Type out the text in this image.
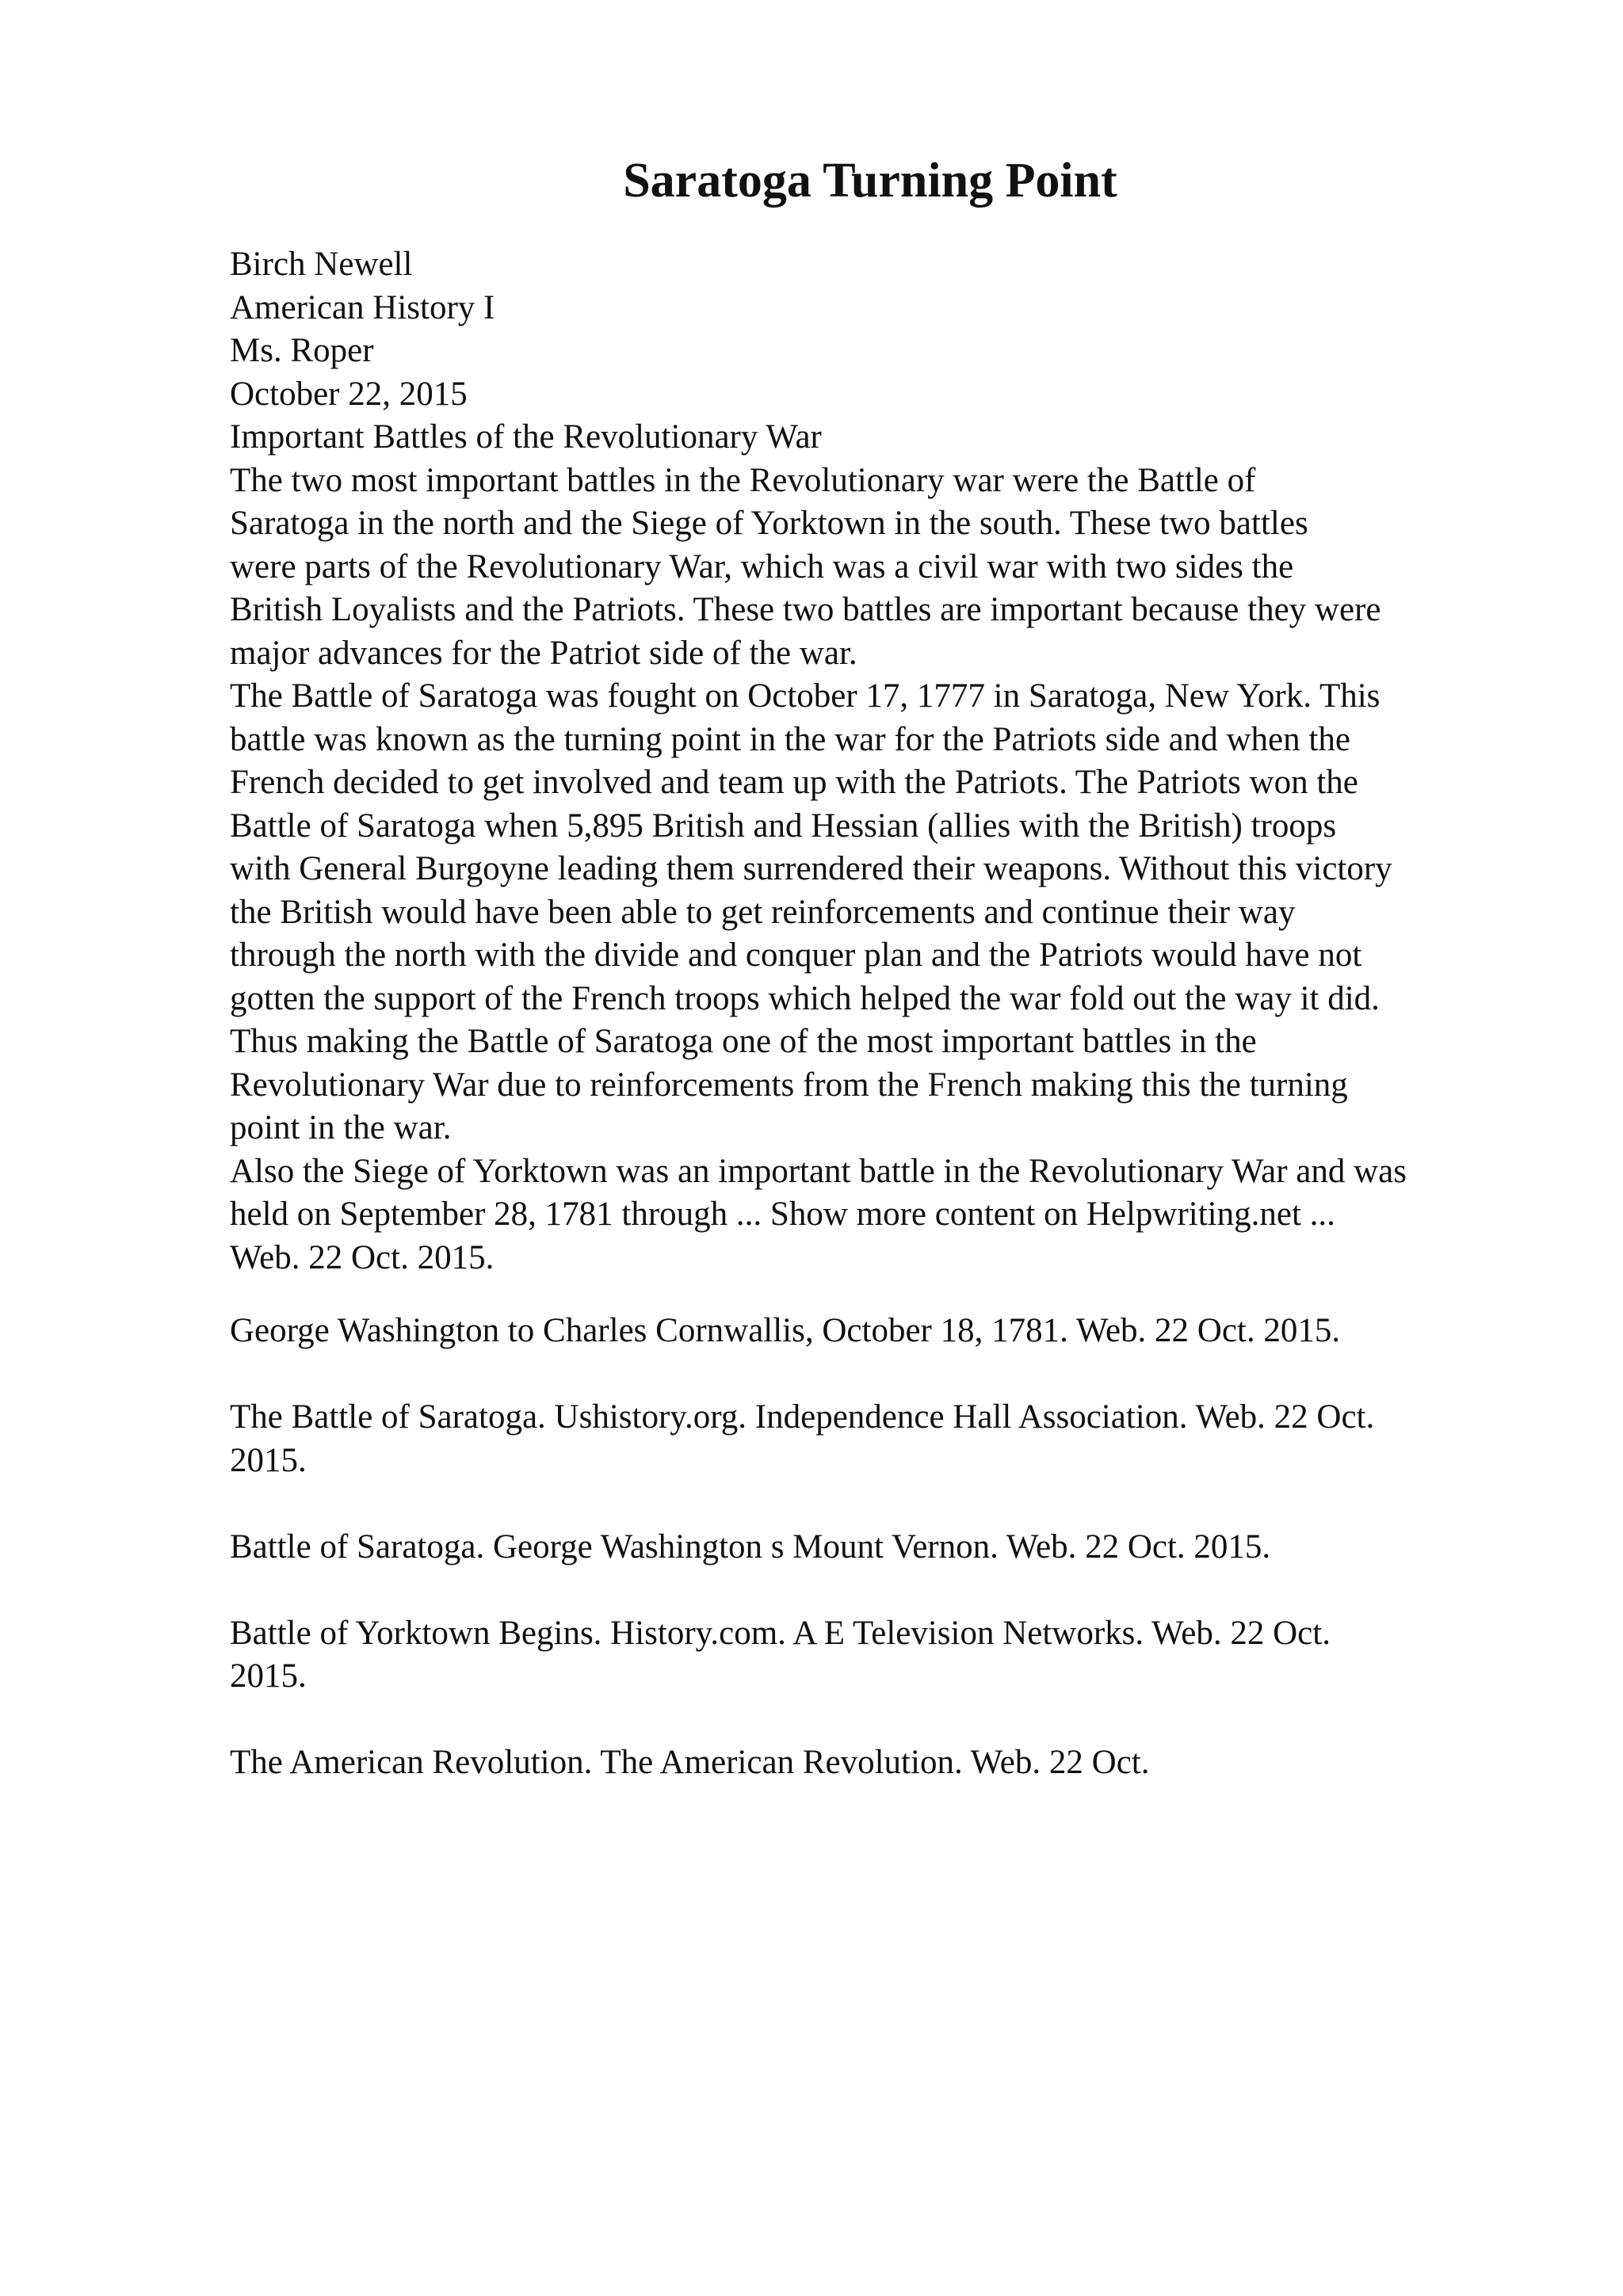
Saratoga Turning Point
Birch Newell
American History I
Ms. Roper
October 22, 2015
Important Battles of the Revolutionary War
The two most important battles in the Revolutionary war were the Battle of
Saratoga in the north and the Siege of Yorktown in the south. These two battles
were parts of the Revolutionary War, which was a civil war with two sides the
British Loyalists and the Patriots. These two battles are important because they were
major advances for the Patriot side of the war.
The Battle of Saratoga was fought on October 17, 1777 in Saratoga, New York. This
battle was known as the turning point in the war for the Patriots side and when the
French decided to get involved and team up with the Patriots. The Patriots won the
Battle of Saratoga when 5,895 British and Hessian (allies with the British) troops
with General Burgoyne leading them surrendered their weapons. Without this victory
the British would have been able to get reinforcements and continue their way
through the north with the divide and conquer plan and the Patriots would have not
gotten the support of the French troops which helped the war fold out the way it did.
Thus making the Battle of Saratoga one of the most important battles in the
Revolutionary War due to reinforcements from the French making this the turning
point in the war.
Also the Siege of Yorktown was an important battle in the Revolutionary War and was
held on September 28, 1781 through ... Show more content on Helpwriting.net ...
Web. 22 Oct. 2015.
George Washington to Charles Cornwallis, October 18, 1781. Web. 22 Oct. 2015.
The Battle of Saratoga. Ushistory.org. Independence Hall Association. Web. 22 Oct.
2015.
Battle of Saratoga. George Washington s Mount Vernon. Web. 22 Oct. 2015.
Battle of Yorktown Begins. History.com. A E Television Networks. Web. 22 Oct.
2015.
The American Revolution. The American Revolution. Web. 22 Oct.
